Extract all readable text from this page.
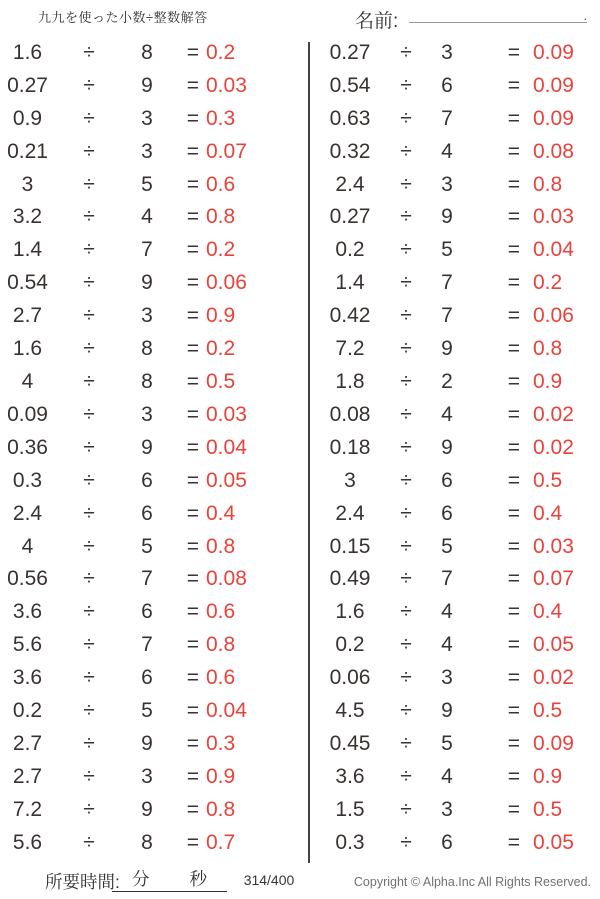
九九を使った小数÷整数解答	名前:	.
1.6	÷	8	= 0.2
0.27	÷	9	= 0.03
0.9	÷	3	= 0.3
0.21	÷	3	= 0.07
3	÷	5	= 0.6
3.2	÷	4	= 0.8
1.4	÷	7	= 0.2
0.54	÷	9	= 0.06
2.7	÷	3	= 0.9
1.6	÷	8	= 0.2
4	÷	8	= 0.5
0.09	÷	3	= 0.03
0.36	÷	9	= 0.04
0.3	÷	6	= 0.05
2.4	÷	6	= 0.4
4	÷	5	= 0.8
0.56	÷	7	= 0.08
3.6	÷	6	= 0.6
5.6	÷	7	= 0.8
3.6	÷	6	= 0.6
0.2	÷	5	= 0.04
2.7	÷	9	= 0.3
2.7	÷	3	= 0.9
7.2	÷	9	= 0.8
5.6	÷	8	= 0.7
0.27	÷	3	= 0.09
0.54	÷	6	= 0.09
0.63	÷	7	= 0.09
0.32	÷	4	= 0.08
2.4	÷	3	= 0.8
0.27	÷	9	= 0.03
0.2	÷	5	= 0.04
1.4	÷	7	= 0.2
0.42	÷	7	= 0.06
7.2	÷	9	= 0.8
1.8	÷	2	= 0.9
0.08	÷	4	= 0.02
0.18	÷	9	= 0.02
3	÷	6	= 0.5
2.4	÷	6	= 0.4
0.15	÷	5	= 0.03
0.49	÷	7	= 0.07
1.6	÷	4	= 0.4
0.2	÷	4	= 0.05
0.06	÷	3	= 0.02
4.5	÷	9	= 0.5
0.45	÷	5	= 0.09
3.6	÷	4	= 0.9
1.5	÷	3	= 0.5
0.3	÷	6	= 0.05
所要時間: 分 秒	314/400	Copyright © Alpha.Inc All Rights Reserved.
